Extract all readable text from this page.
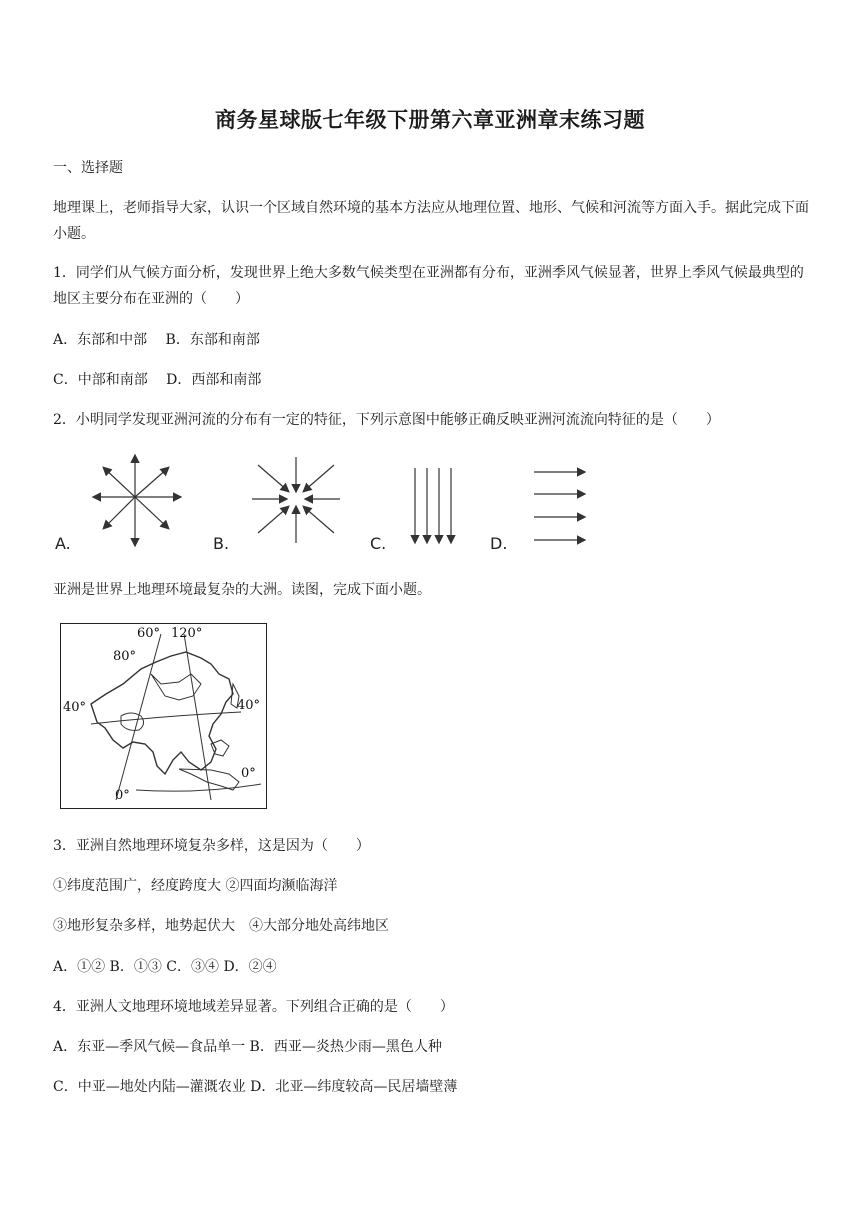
商务星球版七年级下册第六章亚洲章末练习题
一、选择题
地理课上，老师指导大家，认识一个区域自然环境的基本方法应从地理位置、地形、气候和河流等方面入手。据此完成下面小题。
1．同学们从气候方面分析，发现世界上绝大多数气候类型在亚洲都有分布，亚洲季风气候显著，世界上季风气候最典型的地区主要分布在亚洲的（　　）
A．东部和中部　 B．东部和南部
C．中部和南部　 D．西部和南部
2．小明同学发现亚洲河流的分布有一定的特征，下列示意图中能够正确反映亚洲河流流向特征的是（　　）
A.	B.	C.	D.
亚洲是世界上地理环境最复杂的大洲。读图，完成下面小题。
60° 120°
80°
40°	40°
0°
0°
3．亚洲自然地理环境复杂多样，这是因为（　　）
①纬度范围广，经度跨度大 ②四面均濒临海洋
③地形复杂多样，地势起伏大　④大部分地处高纬地区
A．①② B．①③ C．③④ D．②④
4．亚洲人文地理环境地域差异显著。下列组合正确的是（　　）
A．东亚—季风气候—食品单一 B．西亚—炎热少雨—黑色人种
C．中亚—地处内陆—灌溉农业 D．北亚—纬度较高—民居墙壁薄
